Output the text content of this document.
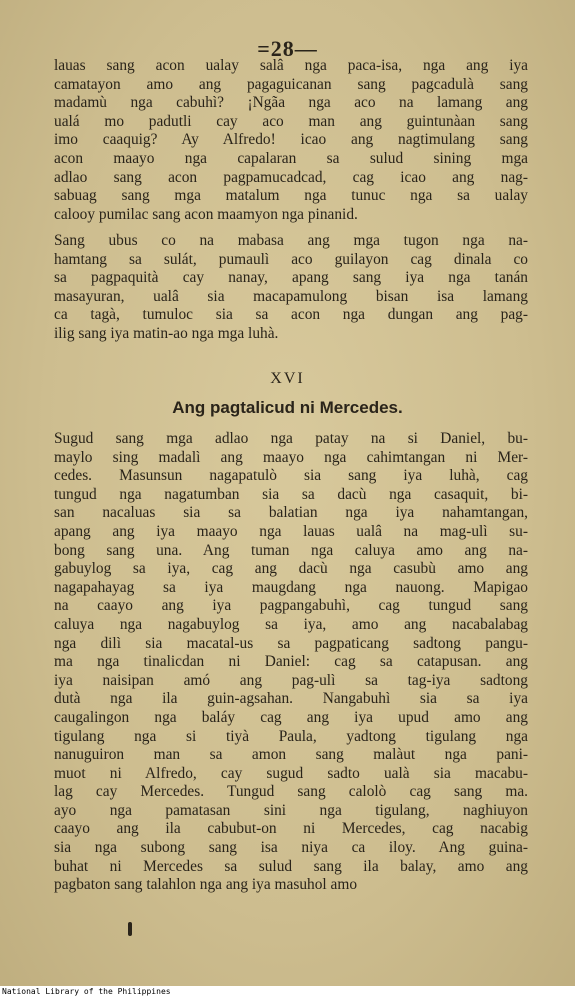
=28—
lauas sang acon ualay salâ nga paca-isa, nga ang iya
camatayon amo ang pagaguicanan sang pagcadulà sang
madamù nga cabuhì? ¡Ngãa nga aco na lamang ang
ualá mo padutli cay aco man ang guintunàan sang
imo caaquig? Ay Alfredo! icao ang nagtimulang sang
acon maayo nga capalaran sa sulud sining mga
adlao sang acon pagpamucadcad, cag icao ang nag-
sabuag sang mga matalum nga tunuc nga sa ualay
calooy pumilac sang acon maamyon nga pinanid.
Sang ubus co na mabasa ang mga tugon nga na-
hamtang sa sulát, pumaulì aco guilayon cag dinala co
sa pagpaquità cay nanay, apang sang iya nga tanán
masayuran, ualâ sia macapamulong bisan isa lamang
ca tagà, tumuloc sia sa acon nga dungan ang pag-
ilig sang iya matin-ao nga mga luhà.
XVI
Ang pagtalicud ni Mercedes.
Sugud sang mga adlao nga patay na si Daniel, bu-
maylo sing madalì ang maayo nga cahimtangan ni Mer-
cedes. Masunsun nagapatulò sia sang iya luhà, cag
tungud nga nagatumban sia sa dacù nga casaquit, bi-
san nacaluas sia sa balatian nga iya nahamtangan,
apang ang iya maayo nga lauas ualâ na mag-ulì su-
bong sang una. Ang tuman nga caluya amo ang na-
gabuylog sa iya, cag ang dacù nga casubù amo ang
nagapahayag sa iya maugdang nga nauong. Mapigao
na caayo ang iya pagpangabuhì, cag tungud sang
caluya nga nagabuylog sa iya, amo ang nacabalabag
nga dilì sia macatal-us sa pagpaticang sadtong pangu-
ma nga tinalicdan ni Daniel: cag sa catapusan. ang
iya naisipan amó ang pag-ulì sa tag-iya sadtong
dutà nga ila guin-agsahan. Nangabuhì sia sa iya
caugalingon nga baláy cag ang iya upud amo ang
tigulang nga si tiyà Paula, yadtong tigulang nga
nanuguiron man sa amon sang malàut nga pani-
muot ni Alfredo, cay sugud sadto ualà sia macabu-
lag cay Mercedes. Tungud sang calolò cag sang ma.
ayo nga pamatasan sini nga tigulang, naghiuyon
caayo ang ila cabubut-on ni Mercedes, cag nacabig
sia nga subong sang isa niya ca iloy. Ang guina-
buhat ni Mercedes sa sulud sang ila balay, amo ang
pagbaton sang talahlon nga ang iya masuhol amo
National Library of the Philippines
